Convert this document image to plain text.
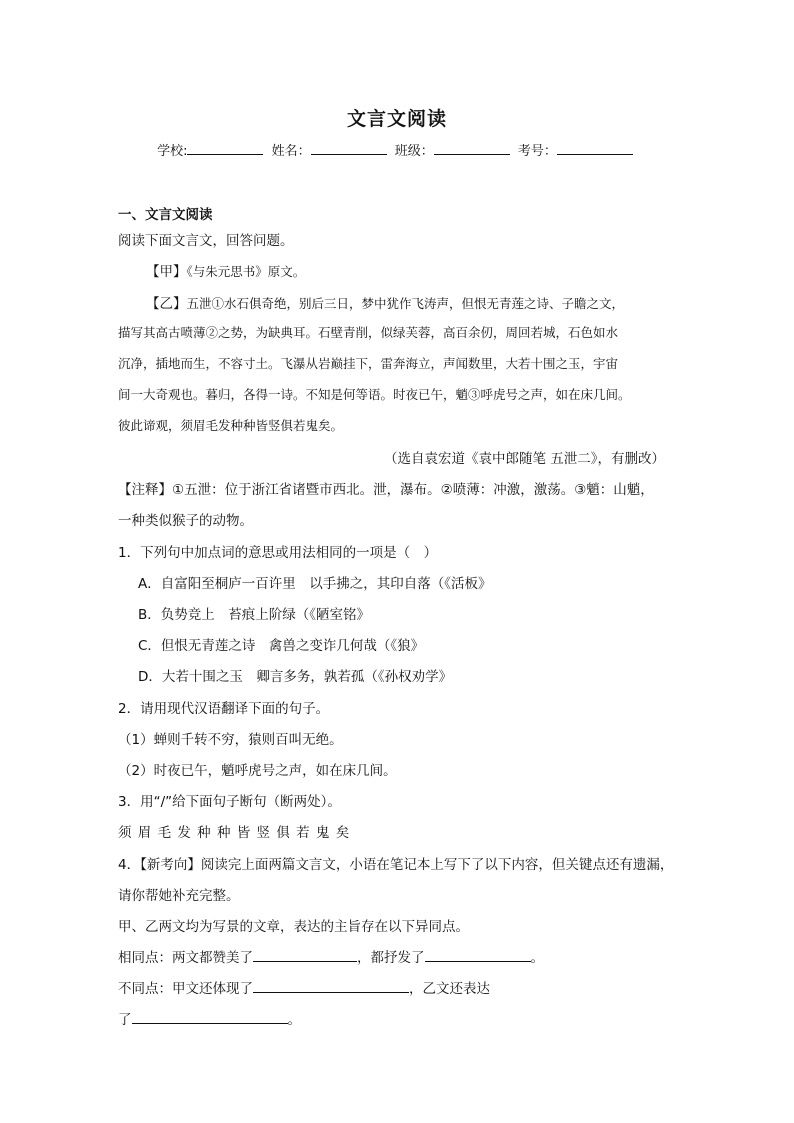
文言文阅读
学校:	姓名：	班级：	考号：
一、文言文阅读
阅读下面文言文，回答问题。
【甲】《与朱元思书》原文。
【乙】五泄①水石俱奇绝，别后三日，梦中犹作飞涛声，但恨无青莲之诗、子瞻之文，
描写其高古喷薄②之势，为缺典耳。石壁青削，似绿芙蓉，高百余仞，周回若城，石色如水
沉净，插地而生，不容寸土。飞瀑从岩巅挂下，雷奔海立，声闻数里，大若十围之玉，宇宙
间一大奇观也。暮归，各得一诗。不知是何等语。时夜已午，魈③呼虎号之声，如在床几间。
彼此谛观，须眉毛发种种皆竖俱若鬼矣。
（选自袁宏道《袁中郎随笔 五泄二》，有删改）
【注释】①五泄：位于浙江省诸暨市西北。泄，瀑布。②喷薄：冲激，激荡。③魈：山魈，
一种类似猴子的动物。
1．下列句中加点词的意思或用法相同的一项是（　）
A．自富阳至桐庐一百许里　以手拂之，其印自落（《活板》
B．负势竞上　苔痕上阶绿（《陋室铭》
C．但恨无青莲之诗　禽兽之变诈几何哉（《狼》
D．大若十围之玉　卿言多务，孰若孤（《孙权劝学》
2．请用现代汉语翻译下面的句子。
（1）蝉则千转不穷，猿则百叫无绝。
（2）时夜已午，魈呼虎号之声，如在床几间。
3．用“/”给下面句子断句（断两处）。
须 眉 毛 发 种 种 皆 竖 俱 若 鬼 矣
4．【新考向】阅读完上面两篇文言文，小语在笔记本上写下了以下内容，但关键点还有遗漏，
请你帮她补充完整。
甲、乙两文均为写景的文章，表达的主旨存在以下异同点。
相同点：两文都赞美了	，都抒发了	。
不同点：甲文还体现了	，乙文还表达
了	。
